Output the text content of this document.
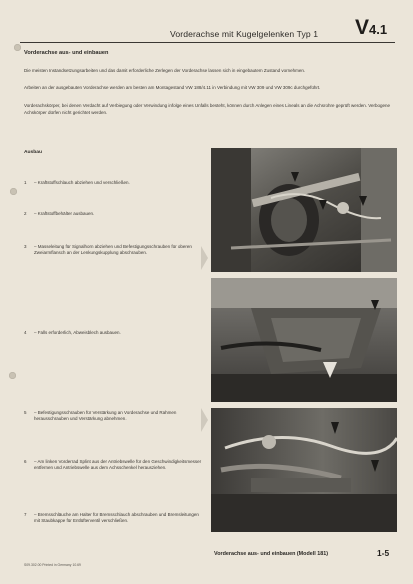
Vorderachse mit Kugelgelenken Typ 1 V4.1
Vorderachse aus- und einbauen

Die meisten Instandsetzungsarbeiten und das damit erforderliche Zerlegen der Vorderachse lassen sich in eingebautem Zustand vornehmen.

Arbeiten an der ausgebauten Vorderachse werden am besten am Montagestand VW 188/4.11 in Verbindung mit VW 309 und VW 309c durchgeführt.

Vorderachskörper, bei denen Verdacht auf Verbiegung oder Verwindung infolge eines Unfalls besteht, können durch Anlegen eines Lineals an die Achsrohre geprüft werden. Verbogene Achskörper dürfen nicht gerichtet werden.

Ausbau
1 – Kraftstoffschlauch abziehen und verschließen.
2 – Kraftstoffbehälter ausbauen.
3 – Masseleitung für Signalhorn abziehen und Befestigungsschrauben für oberen Zweiarmflansch an der Lenkungskupplung abschrauben.
4 – Falls erforderlich, Abweisblech ausbauen.
5 – Befestigungsschrauben für Verstärkung an Vorderachse und Rahmen herausschrauben und Verstärkung abnehmen.
6 – Am linken Vorderrad Splint aus der Antriebswelle für den Geschwindigkeitsmesser entfernen und Antriebswelle aus dem Achsschenkel herausziehen.
7 – Bremsschläuche am Halter für Bremsschlauch abschrauben und Bremsleitungen mit Staubkappe für Entlüfterventil verschließen.
Vorderachse aus- und einbauen (Modell 181)	1-5
S09.302.00 Printed in Germany 10.69
